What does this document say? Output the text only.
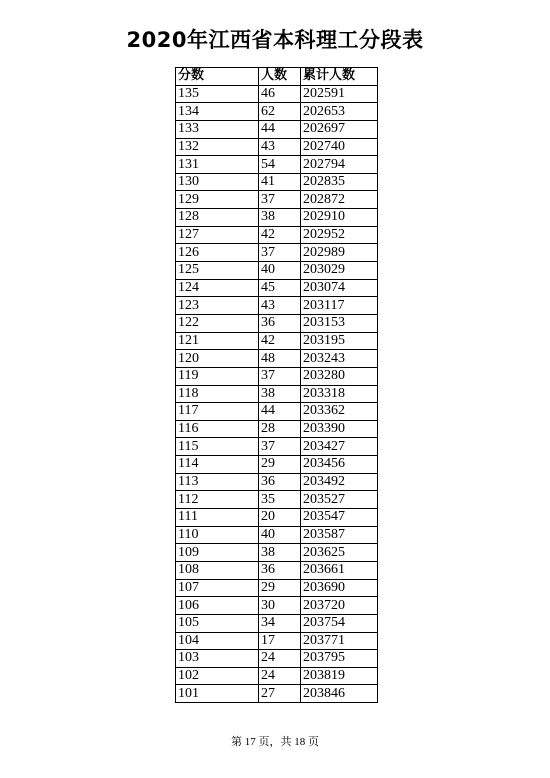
2020年江西省本科理工分段表
分数	人数	累计人数
135	46	202591
134	62	202653
133	44	202697
132	43	202740
131	54	202794
130	41	202835
129	37	202872
128	38	202910
127	42	202952
126	37	202989
125	40	203029
124	45	203074
123	43	203117
122	36	203153
121	42	203195
120	48	203243
119	37	203280
118	38	203318
117	44	203362
116	28	203390
115	37	203427
114	29	203456
113	36	203492
112	35	203527
111	20	203547
110	40	203587
109	38	203625
108	36	203661
107	29	203690
106	30	203720
105	34	203754
104	17	203771
103	24	203795
102	24	203819
101	27	203846
第 17 页，共 18 页
